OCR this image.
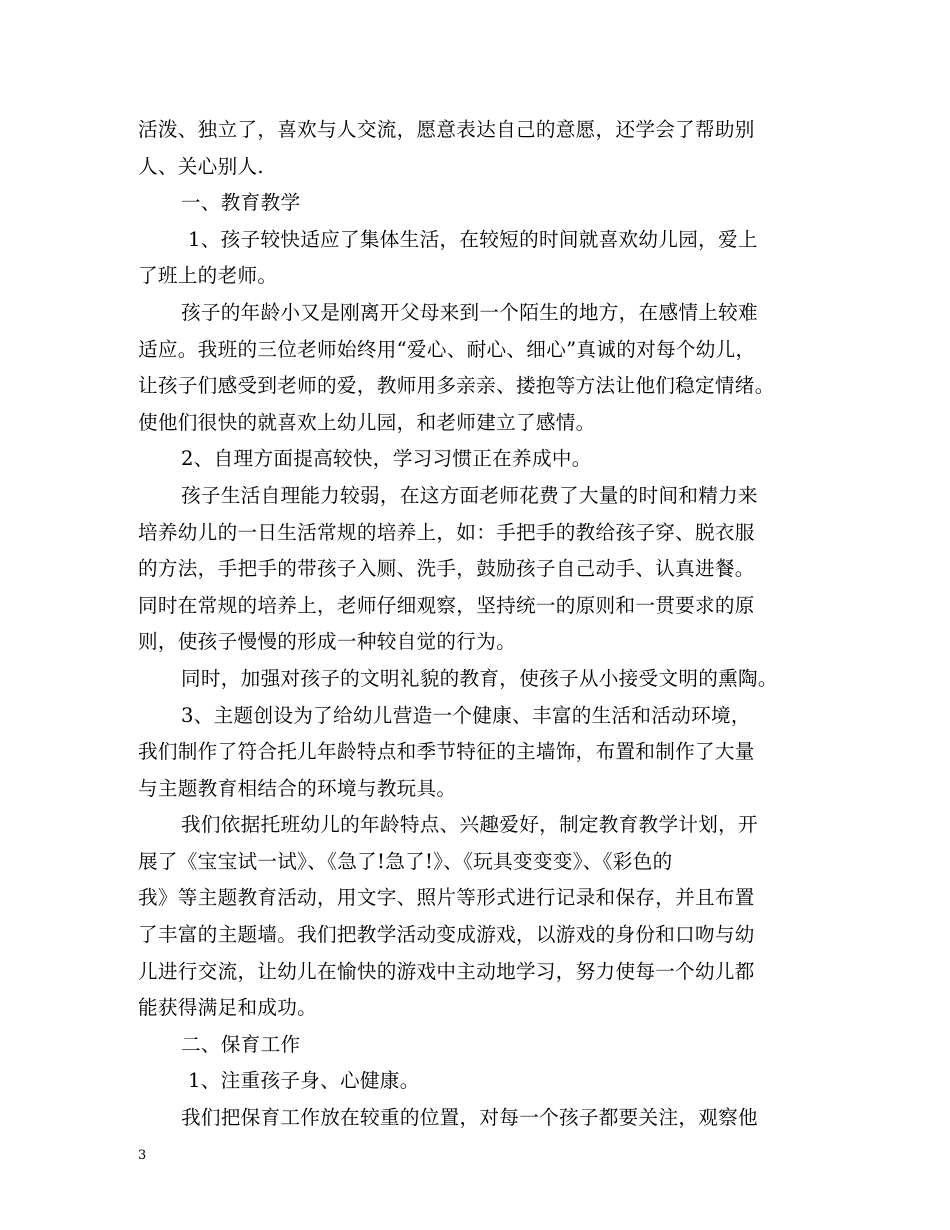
活泼、独立了，喜欢与人交流，愿意表达自己的意愿，还学会了帮助别
人、关心别人.
一、教育教学
1、孩子较快适应了集体生活，在较短的时间就喜欢幼儿园，爱上
了班上的老师。
孩子的年龄小又是刚离开父母来到一个陌生的地方，在感情上较难
适应。我班的三位老师始终用“爱心、耐心、细心”真诚的对每个幼儿，
让孩子们感受到老师的爱，教师用多亲亲、搂抱等方法让他们稳定情绪。
使他们很快的就喜欢上幼儿园，和老师建立了感情。
2、自理方面提高较快，学习习惯正在养成中。
孩子生活自理能力较弱，在这方面老师花费了大量的时间和精力来
培养幼儿的一日生活常规的培养上，如：手把手的教给孩子穿、脱衣服
的方法，手把手的带孩子入厕、洗手，鼓励孩子自己动手、认真进餐。
同时在常规的培养上，老师仔细观察，坚持统一的原则和一贯要求的原
则，使孩子慢慢的形成一种较自觉的行为。
同时，加强对孩子的文明礼貌的教育，使孩子从小接受文明的熏陶。
3、主题创设为了给幼儿营造一个健康、丰富的生活和活动环境，
我们制作了符合托儿年龄特点和季节特征的主墙饰，布置和制作了大量
与主题教育相结合的环境与教玩具。
我们依据托班幼儿的年龄特点、兴趣爱好，制定教育教学计划，开
展了《宝宝试一试》、《急了!急了!》、《玩具变变变》、《彩色的
我》等主题教育活动，用文字、照片等形式进行记录和保存，并且布置
了丰富的主题墙。我们把教学活动变成游戏，以游戏的身份和口吻与幼
儿进行交流，让幼儿在愉快的游戏中主动地学习，努力使每一个幼儿都
能获得满足和成功。
二、保育工作
1、注重孩子身、心健康。
我们把保育工作放在较重的位置，对每一个孩子都要关注，观察他
3
